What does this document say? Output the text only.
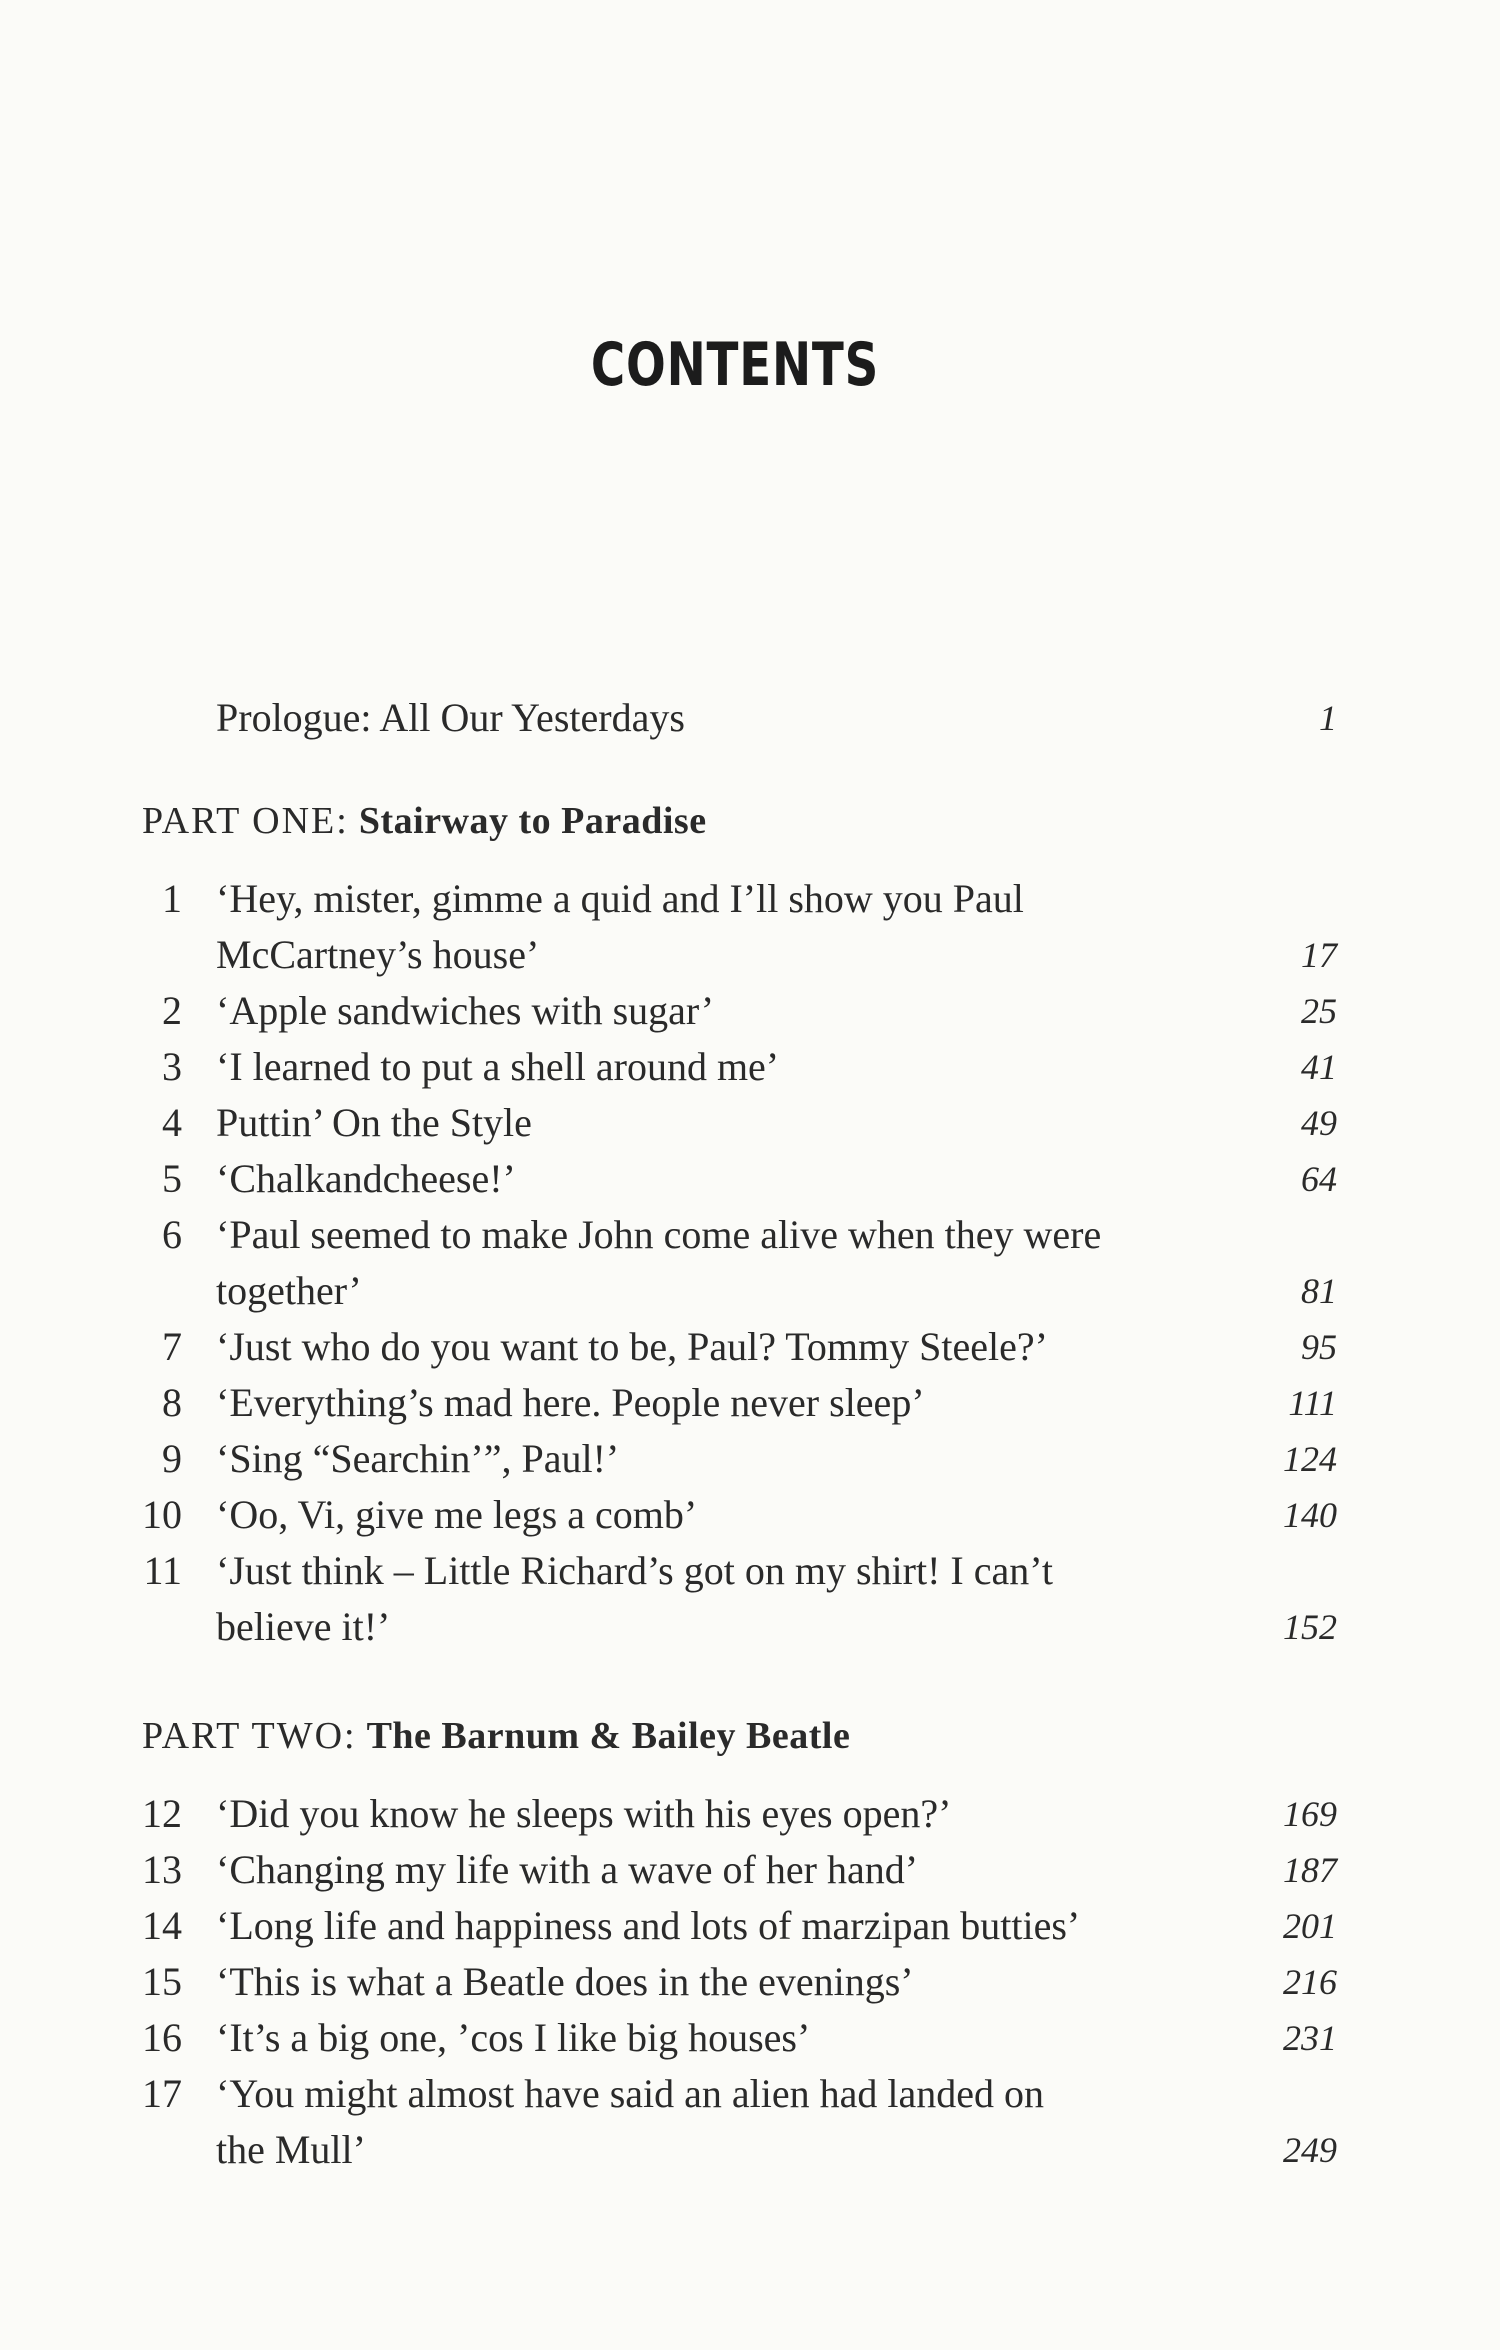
CONTENTS
Prologue: All Our Yesterdays	1
PART ONE: Stairway to Paradise
1 ‘Hey, mister, gimme a quid and I’ll show you Paul
McCartney’s house’	17
2 ‘Apple sandwiches with sugar’	25
3 ‘I learned to put a shell around me’	41
4 Puttin’ On the Style	49
5 ‘Chalkandcheese!’	64
6 ‘Paul seemed to make John come alive when they were
together’	81
7 ‘Just who do you want to be, Paul? Tommy Steele?’	95
8 ‘Everything’s mad here. People never sleep’	111
9 ‘Sing “Searchin’”, Paul!’	124
10 ‘Oo, Vi, give me legs a comb’	140
11 ‘Just think – Little Richard’s got on my shirt! I can’t
believe it!’	152
PART TWO: The Barnum & Bailey Beatle
12 ‘Did you know he sleeps with his eyes open?’	169
13 ‘Changing my life with a wave of her hand’	187
14 ‘Long life and happiness and lots of marzipan butties’	201
15 ‘This is what a Beatle does in the evenings’	216
16 ‘It’s a big one, ’cos I like big houses’	231
17 ‘You might almost have said an alien had landed on
the Mull’	249
